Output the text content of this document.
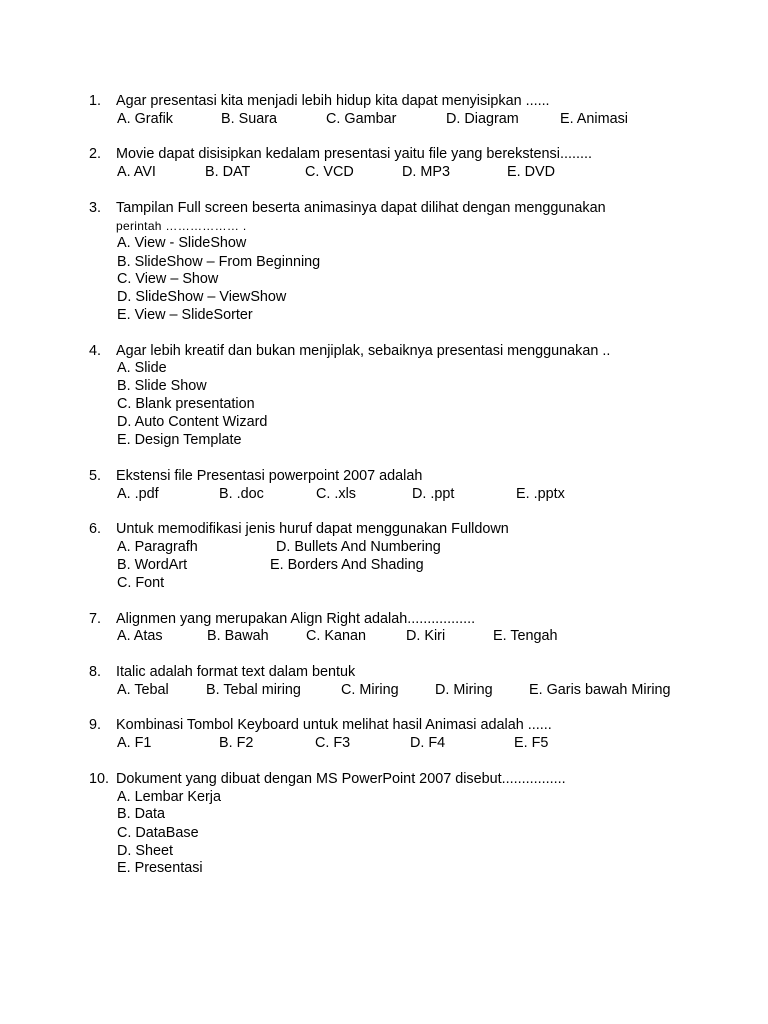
1. Agar presentasi kita menjadi lebih hidup kita dapat menyisipkan ......
A. Grafik	B. Suara	C. Gambar	D. Diagram	E. Animasi
2. Movie dapat disisipkan kedalam presentasi yaitu file yang berekstensi........
A. AVI	B. DAT	C. VCD	D. MP3	E. DVD
3. Tampilan Full screen beserta animasinya dapat dilihat dengan menggunakan
perintah ……………… .
A. View - SlideShow
B. SlideShow – From Beginning
C. View – Show
D. SlideShow – ViewShow
E. View – SlideSorter
4. Agar lebih kreatif dan bukan menjiplak, sebaiknya presentasi menggunakan ..
A. Slide
B. Slide Show
C. Blank presentation
D. Auto Content Wizard
E. Design Template
5. Ekstensi file Presentasi powerpoint 2007 adalah
A. .pdf	B. .doc	C. .xls	D. .ppt	E. .pptx
6. Untuk memodifikasi jenis huruf dapat menggunakan Fulldown
A. Paragrafh	D. Bullets And Numbering
B. WordArt	E. Borders And Shading
C. Font
7. Alignmen yang merupakan Align Right adalah.................
A. Atas	B. Bawah	C. Kanan	D. Kiri	E. Tengah
8. Italic adalah format text dalam bentuk
A. Tebal	B. Tebal miring	C. Miring	D. Miring	E. Garis bawah Miring
9. Kombinasi Tombol Keyboard untuk melihat hasil Animasi adalah ......
A. F1	B. F2	C. F3	D. F4	E. F5
10. Dokument yang dibuat dengan MS PowerPoint 2007 disebut................
A. Lembar Kerja
B. Data
C. DataBase
D. Sheet
E. Presentasi
